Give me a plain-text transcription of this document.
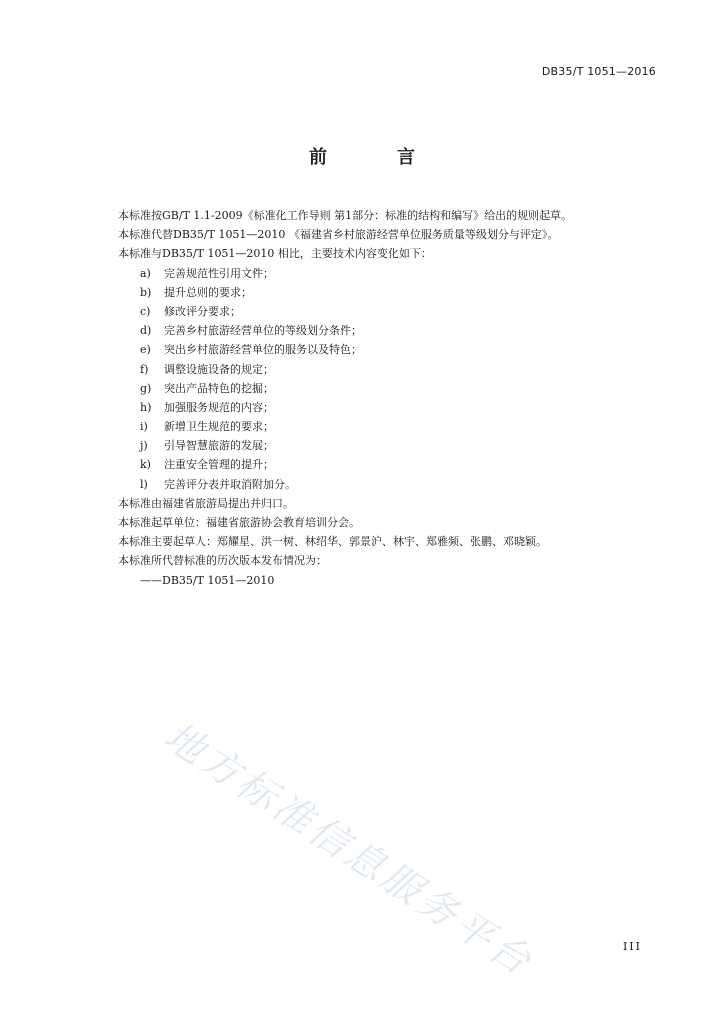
DB35/T 1051—2016
前　言
本标准按GB/T 1.1-2009《标准化工作导则 第1部分：标准的结构和编写》给出的规则起草。
本标准代替DB35/T 1051—2010 《福建省乡村旅游经营单位服务质量等级划分与评定》。
本标准与DB35/T 1051—2010 相比，主要技术内容变化如下：
a)	完善规范性引用文件；
b)	提升总则的要求；
c)	修改评分要求；
d)	完善乡村旅游经营单位的等级划分条件；
e)	突出乡村旅游经营单位的服务以及特色；
f)	调整设施设备的规定；
g)	突出产品特色的挖掘；
h)	加强服务规范的内容；
i)	新增卫生规范的要求；
j)	引导智慧旅游的发展；
k)	注重安全管理的提升；
l)	完善评分表并取消附加分。
本标准由福建省旅游局提出并归口。
本标准起草单位：福建省旅游协会教育培训分会。
本标准主要起草人：郑耀星、洪一树、林绍华、郭景沪、林宇、郑雅频、张鹏、邓晓颖。
本标准所代替标准的历次版本发布情况为：
——DB35/T 1051—2010
地方标准信息服务平台	III
